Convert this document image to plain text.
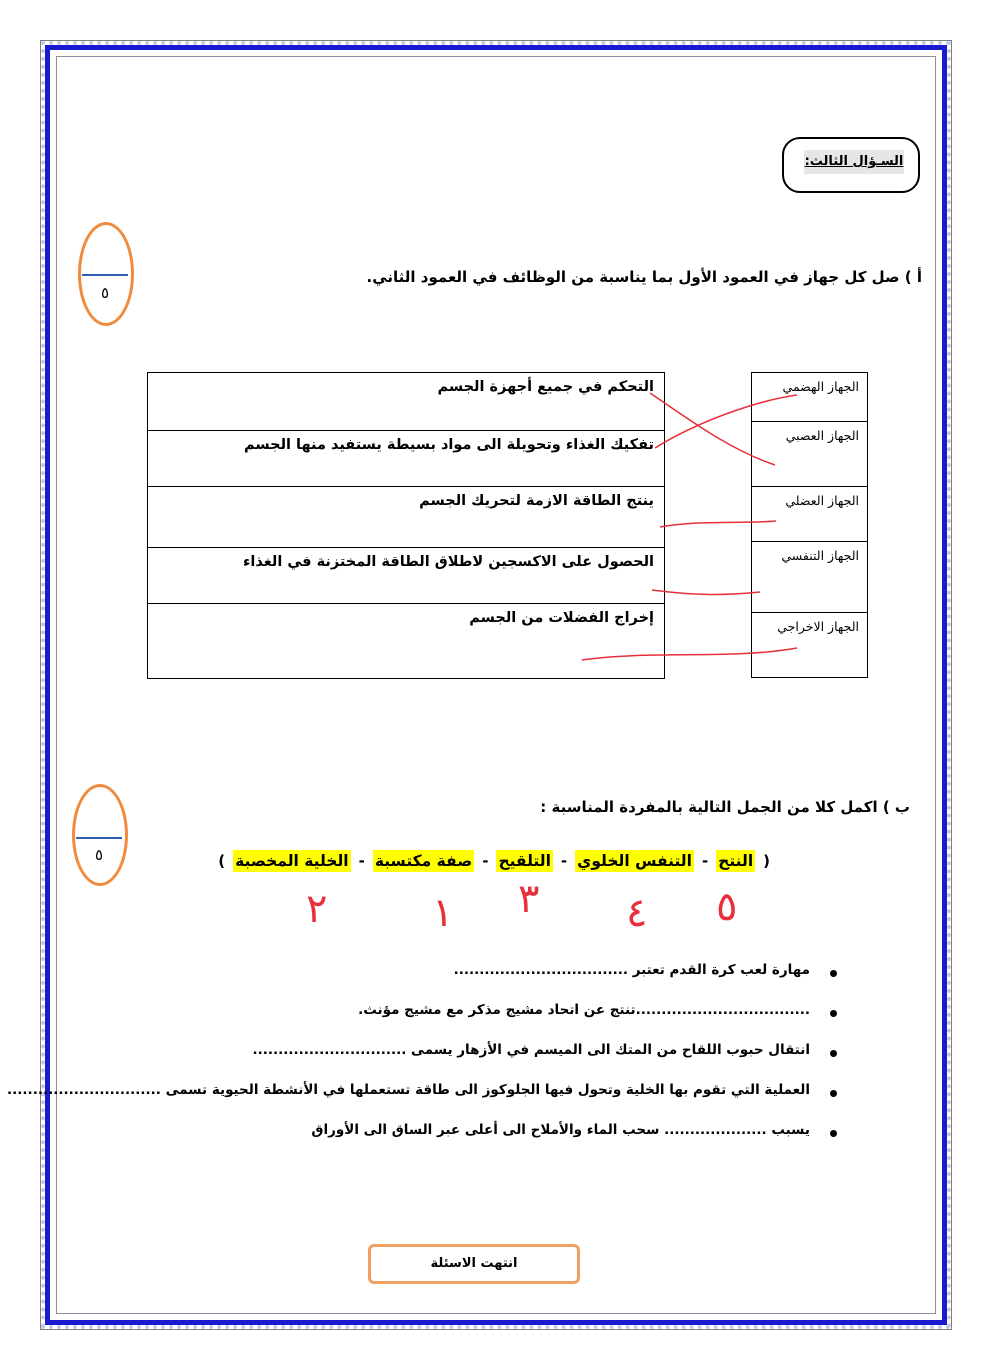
السـؤال الثالث:
٥
أ ) صل كل جهاز في العمود الأول بما يناسبة من الوظائف في العمود الثاني.
التحكم في جميع أجهزة الجسم
تفكيك الغذاء وتحويلة الى مواد بسيطة يستفيد منها الجسم
ينتج الطاقة الازمة لتحريك الجسم
الحصول على الاكسجين لاطلاق الطاقة المختزنة في الغذاء
إخراج الفضلات من الجسم
الجهاز الهضمي
الجهاز العصبي
الجهاز العضلي
الجهاز التنفسي
الجهاز الاخراجي
٥
ب ) اكمل كلا من الجمل التالية بالمفردة المناسبة :
(
النتح
-
التنفس الخلوي
-
التلقيح
-
صفة مكتسبة
-
الخلية المخصبة
)
٥
٤
٣
١
٢
مهارة لعب كرة القدم تعتبر ..................................
..................................تنتج عن اتحاد مشيج مذكر مع مشيج مؤنث.
انتقال حبوب اللقاح من المتك الى الميسم في الأزهار يسمى ..............................
العملية التي تقوم بها الخلية وتحول فيها الجلوكوز الى طاقة تستعملها في الأنشطة الحيوية تسمى ..............................
يسبب .................... سحب الماء والأملاح الى أعلى عبر الساق الى الأوراق
انتهت الاسئلة
